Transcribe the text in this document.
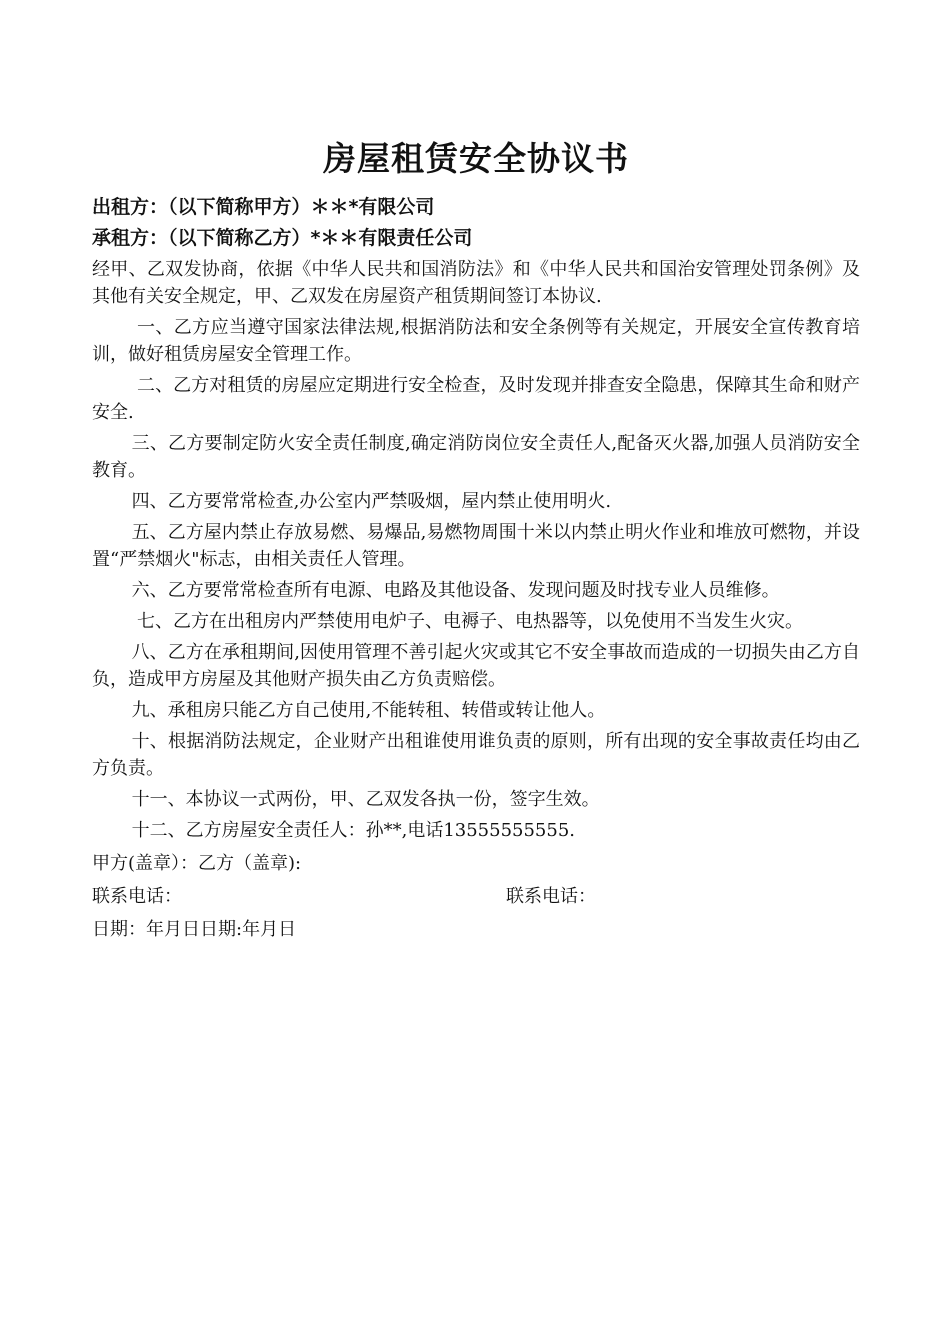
房屋租赁安全协议书
出租方：（以下简称甲方）＊＊*有限公司
承租方：（以下简称乙方）*＊＊有限责任公司
经甲、乙双发协商，依据《中华人民共和国消防法》和《中华人民共和国治安管理处罚条例》及其他有关安全规定，甲、乙双发在房屋资产租赁期间签订本协议.
一、乙方应当遵守国家法律法规,根据消防法和安全条例等有关规定，开展安全宣传教育培训，做好租赁房屋安全管理工作。
二、乙方对租赁的房屋应定期进行安全检查，及时发现并排查安全隐患，保障其生命和财产安全.
三、乙方要制定防火安全责任制度,确定消防岗位安全责任人,配备灭火器,加强人员消防安全教育。
四、乙方要常常检查,办公室内严禁吸烟，屋内禁止使用明火.
五、乙方屋内禁止存放易燃、易爆品,易燃物周围十米以内禁止明火作业和堆放可燃物，并设置“严禁烟火"标志，由相关责任人管理。
六、乙方要常常检查所有电源、电路及其他设备、发现问题及时找专业人员维修。
七、乙方在出租房内严禁使用电炉子、电褥子、电热器等，以免使用不当发生火灾。
八、乙方在承租期间,因使用管理不善引起火灾或其它不安全事故而造成的一切损失由乙方自负，造成甲方房屋及其他财产损失由乙方负责赔偿。
九、承租房只能乙方自己使用,不能转租、转借或转让他人。
十、根据消防法规定，企业财产出租谁使用谁负责的原则，所有出现的安全事故责任均由乙方负责。
十一、本协议一式两份，甲、乙双发各执一份，签字生效。
十二、乙方房屋安全责任人：孙**,电话13555555555.
甲方(盖章）：乙方（盖章):
联系电话：	联系电话：
日期：年月日日期:年月日
